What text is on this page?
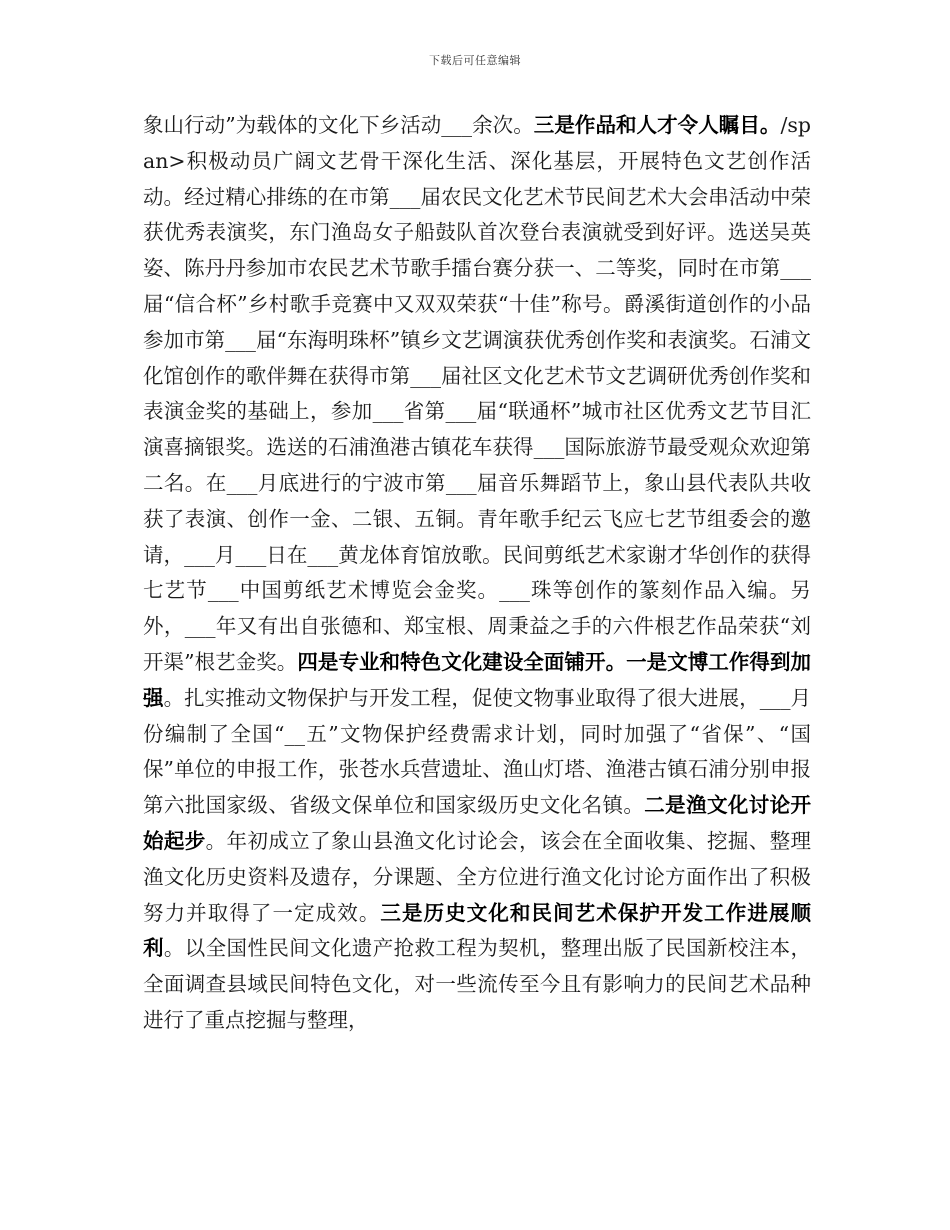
下载后可任意编辑

象山行动”为载体的文化下乡活动___余次。三是作品和人才令人瞩目。/span>积极动员广阔文艺骨干深化生活、深化基层，开展特色文艺创作活动。经过精心排练的在市第___届农民文化艺术节民间艺术大会串活动中荣获优秀表演奖，东门渔岛女子船鼓队首次登台表演就受到好评。选送吴英姿、陈丹丹参加市农民艺术节歌手擂台赛分获一、二等奖，同时在市第___届“信合杯”乡村歌手竞赛中又双双荣获“十佳”称号。爵溪街道创作的小品参加市第___届“东海明珠杯”镇乡文艺调演获优秀创作奖和表演奖。石浦文化馆创作的歌伴舞在获得市第___届社区文化艺术节文艺调研优秀创作奖和表演金奖的基础上，参加___省第___届“联通杯”城市社区优秀文艺节目汇演喜摘银奖。选送的石浦渔港古镇花车获得___国际旅游节最受观众欢迎第二名。在___月底进行的宁波市第___届音乐舞蹈节上，象山县代表队共收获了表演、创作一金、二银、五铜。青年歌手纪云飞应七艺节组委会的邀请，___月___日在___黄龙体育馆放歌。民间剪纸艺术家谢才华创作的获得七艺节___中国剪纸艺术博览会金奖。___珠等创作的篆刻作品入编。另外，___年又有出自张德和、郑宝根、周秉益之手的六件根艺作品荣获“刘开渠”根艺金奖。四是专业和特色文化建设全面铺开。一是文博工作得到加强。扎实推动文物保护与开发工程，促使文物事业取得了很大进展，___月份编制了全国“__五”文物保护经费需求计划，同时加强了“省保”、“国保”单位的申报工作，张苍水兵营遗址、渔山灯塔、渔港古镇石浦分别申报第六批国家级、省级文保单位和国家级历史文化名镇。二是渔文化讨论开始起步。年初成立了象山县渔文化讨论会，该会在全面收集、挖掘、整理渔文化历史资料及遗存，分课题、全方位进行渔文化讨论方面作出了积极努力并取得了一定成效。三是历史文化和民间艺术保护开发工作进展顺利。以全国性民间文化遗产抢救工程为契机，整理出版了民国新校注本，全面调查县域民间特色文化，对一些流传至今且有影响力的民间艺术品种进行了重点挖掘与整理，
